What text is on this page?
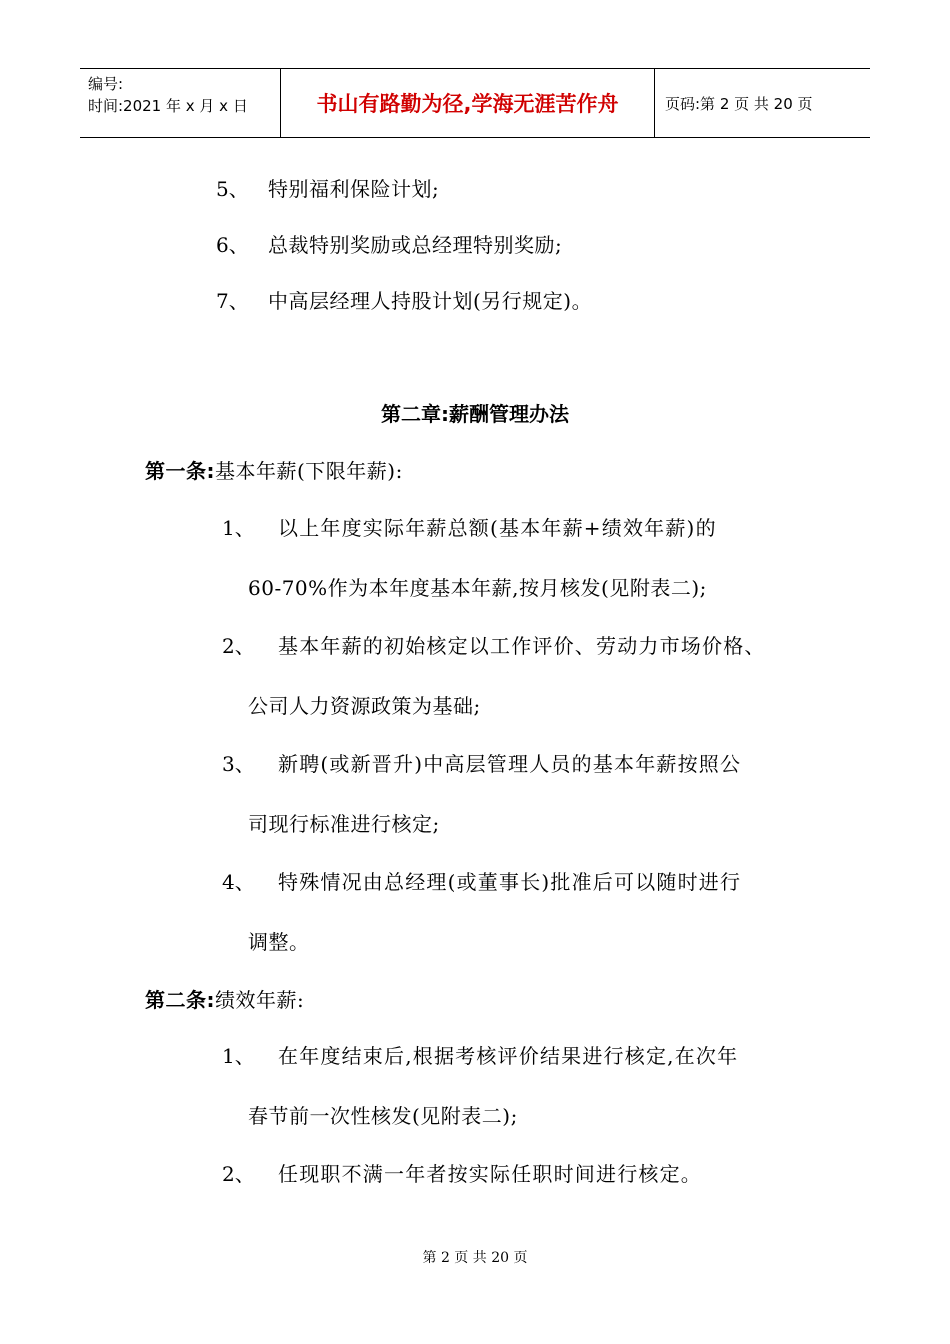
编号:
时间:2021 年 x 月 x 日	书山有路勤为径,学海无涯苦作舟	页码:第 2 页 共 20 页
5、 特别福利保险计划;
6、 总裁特别奖励或总经理特别奖励;
7、 中高层经理人持股计划(另行规定)。
第二章:薪酬管理办法
第一条:基本年薪(下限年薪):
1、 以上年度实际年薪总额(基本年薪+绩效年薪)的
60-70%作为本年度基本年薪,按月核发(见附表二);
2、 基本年薪的初始核定以工作评价、劳动力市场价格、
公司人力资源政策为基础;
3、 新聘(或新晋升)中高层管理人员的基本年薪按照公
司现行标准进行核定;
4、 特殊情况由总经理(或董事长)批准后可以随时进行
调整。
第二条:绩效年薪:
1、 在年度结束后,根据考核评价结果进行核定,在次年
春节前一次性核发(见附表二);
2、 任现职不满一年者按实际任职时间进行核定。
第 2 页 共 20 页
